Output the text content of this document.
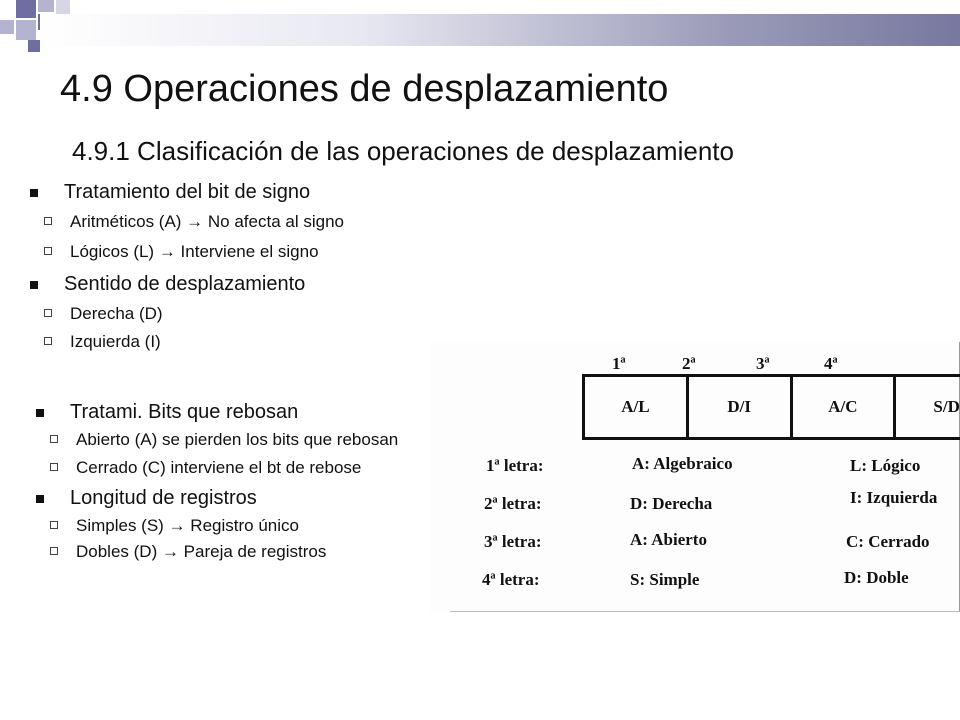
4.9 Operaciones de desplazamiento
4.9.1 Clasificación de las operaciones de desplazamiento
Tratamiento del bit de signo
Aritméticos (A) → No afecta al signo
Lógicos (L) → Interviene el signo
Sentido de desplazamiento
Derecha (D)
Izquierda (I)
Tratami. Bits que rebosan
Abierto (A) se pierden los bits que rebosan
Cerrado (C) interviene el bt de rebose
Longitud de registros
Simples (S) → Registro único
Dobles (D) → Pareja de registros
1ª	2ª	3ª	4ª
A/L	D/I	A/C	S/D
1ª letra:	A: Algebraico	L: Lógico
2ª letra:	D: Derecha	I: Izquierda
3ª letra:	A: Abierto	C: Cerrado
4ª letra:	S: Simple	D: Doble
